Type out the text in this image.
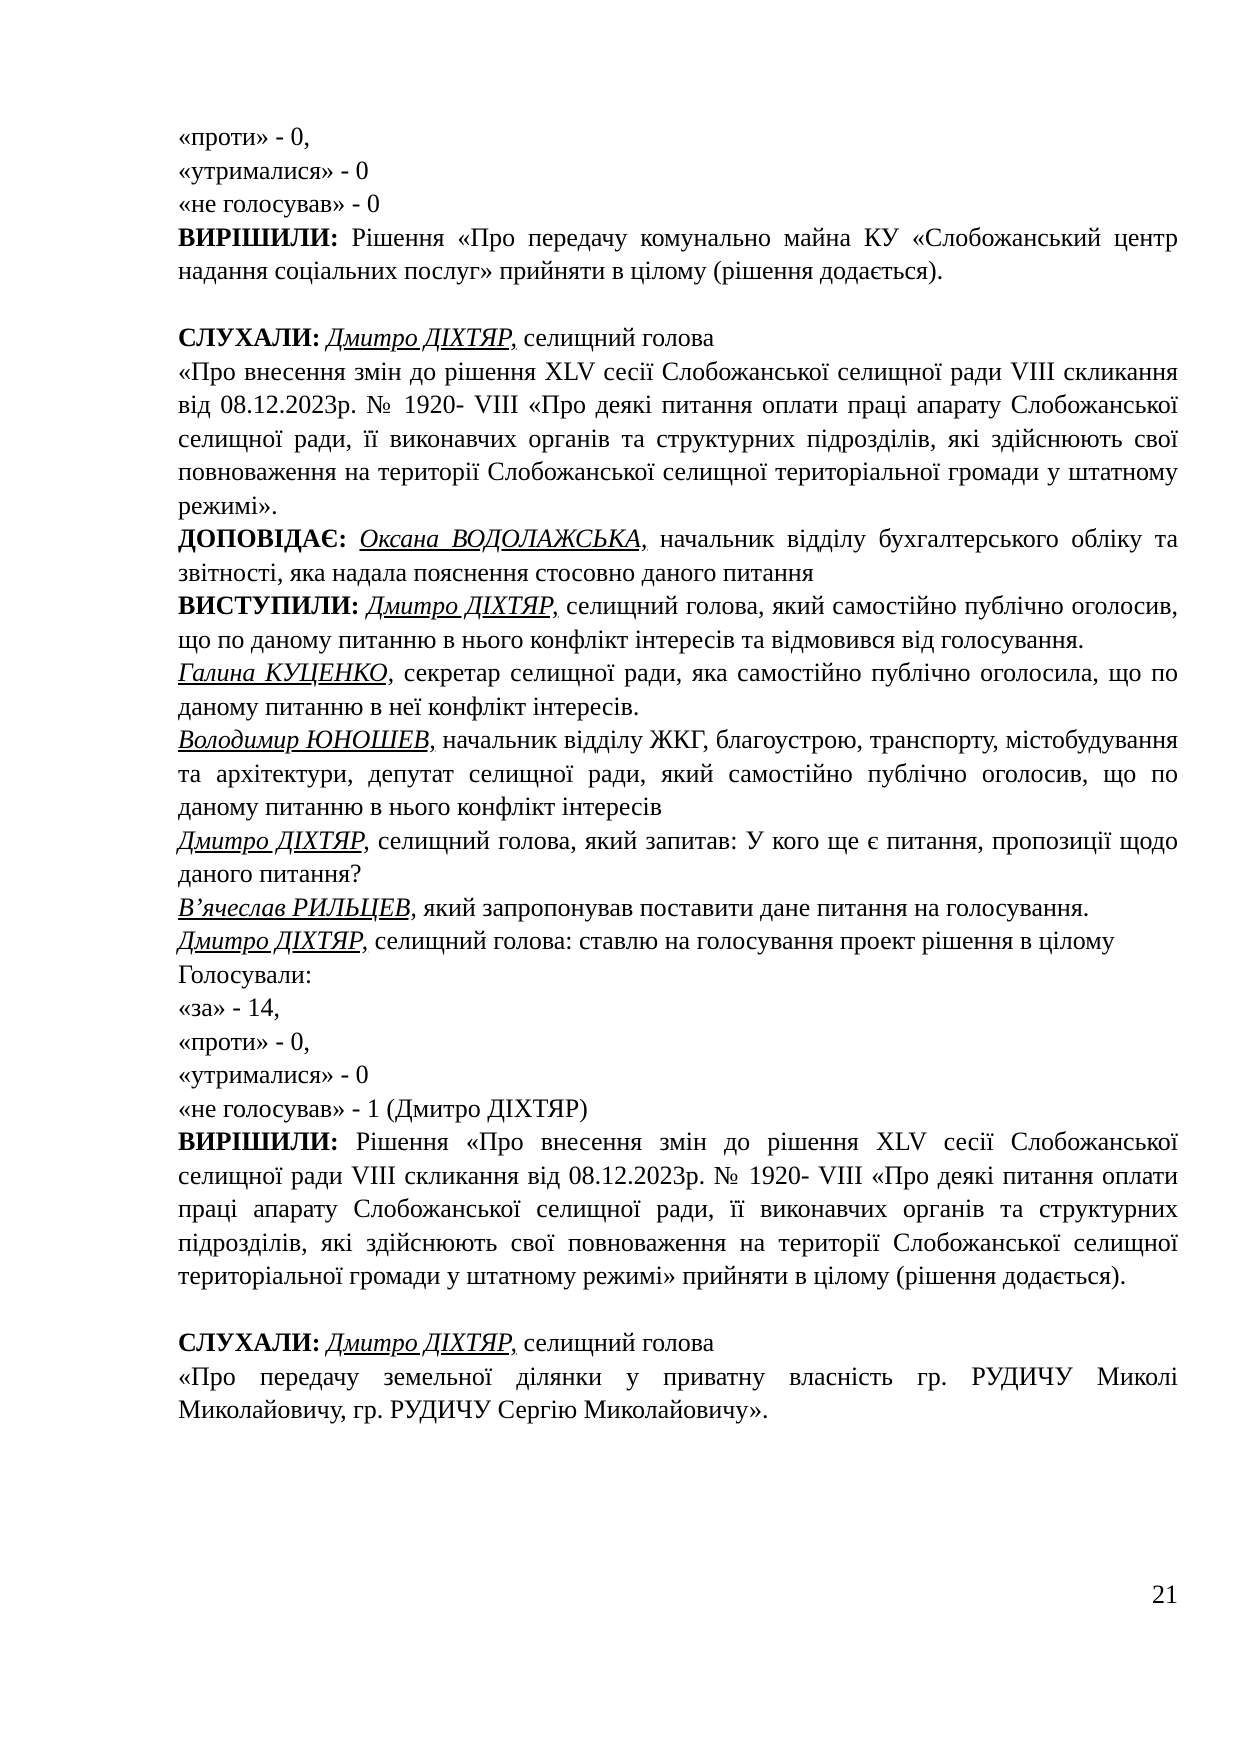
«проти» - 0,

«утрималися» - 0

«не голосував» - 0

ВИРІШИЛИ: Рішення «Про передачу комунально майна КУ «Слобожанський центр надання соціальних послуг» прийняти в цілому (рішення додається).

СЛУХАЛИ: Дмитро ДІХТЯР, селищний голова

«Про внесення змін до рішення XLV сесії Слобожанської селищної ради VIII скликання від 08.12.2023р. № 1920- VIII «Про деякі питання оплати праці апарату Слобожанської селищної ради, її виконавчих органів та структурних підрозділів, які здійснюють свої повноваження на території Слобожанської селищної територіальної громади у штатному режимі».

ДОПОВІДАЄ: Оксана ВОДОЛАЖСЬКА, начальник відділу бухгалтерського обліку та звітності, яка надала пояснення стосовно даного питання

ВИСТУПИЛИ: Дмитро ДІХТЯР, селищний голова, який самостійно публічно оголосив, що по даному питанню в нього конфлікт інтересів та відмовився від голосування.

Галина КУЦЕНКО, секретар селищної ради, яка самостійно публічно оголосила, що по даному питанню в неї конфлікт інтересів.

Володимир ЮНОШЕВ, начальник відділу ЖКГ, благоустрою, транспорту, містобудування та архітектури, депутат селищної ради, який самостійно публічно оголосив, що по даному питанню в нього конфлікт інтересів

Дмитро ДІХТЯР, селищний голова, який запитав: У кого ще є питання, пропозиції щодо даного питання?

В’ячеслав РИЛЬЦЕВ, який запропонував поставити дане питання на голосування.

Дмитро ДІХТЯР, селищний голова: ставлю на голосування проект рішення в цілому

Голосували:

«за» - 14,

«проти» - 0,

«утрималися» - 0

«не голосував» - 1 (Дмитро ДІХТЯР)

ВИРІШИЛИ: Рішення «Про внесення змін до рішення XLV сесії Слобожанської селищної ради VIII скликання від 08.12.2023р. № 1920- VIII «Про деякі питання оплати праці апарату Слобожанської селищної ради, її виконавчих органів та структурних підрозділів, які здійснюють свої повноваження на території Слобожанської селищної територіальної громади у штатному режимі» прийняти в цілому (рішення додається).

СЛУХАЛИ: Дмитро ДІХТЯР, селищний голова

«Про передачу земельної ділянки у приватну власність гр. РУДИЧУ Миколі Миколайовичу, гр. РУДИЧУ Сергію Миколайовичу».

21
